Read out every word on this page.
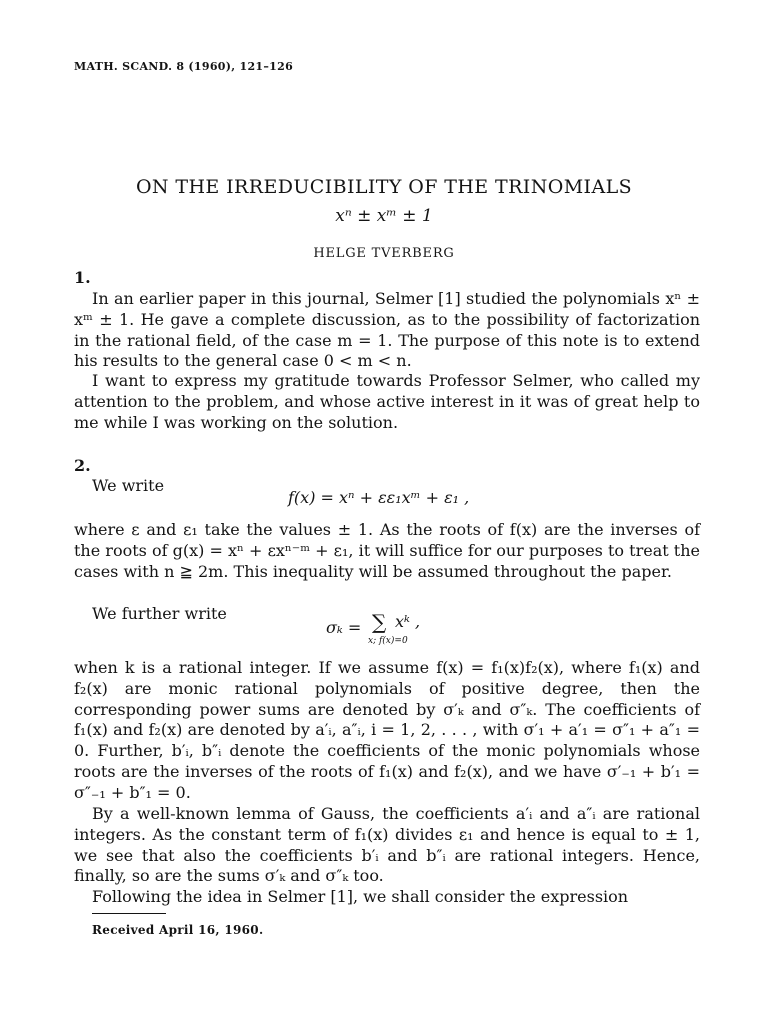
MATH. SCAND. 8 (1960), 121–126
ON THE IRREDUCIBILITY OF THE TRINOMIALS
xⁿ ± xᵐ ± 1
HELGE TVERBERG
1.
In an earlier paper in this journal, Selmer [1] studied the polynomials xⁿ ± xᵐ ± 1. He gave a complete discussion, as to the possibility of factorization in the rational field, of the case m = 1. The purpose of this note is to extend his results to the general case 0 < m < n.
I want to express my gratitude towards Professor Selmer, who called my attention to the problem, and whose active interest in it was of great help to me while I was working on the solution.
2.
We write
f(x) = xⁿ + εε₁xᵐ + ε₁ ,
where ε and ε₁ take the values ± 1. As the roots of f(x) are the inverses of the roots of g(x) = xⁿ + εxⁿ⁻ᵐ + ε₁, it will suffice for our purposes to treat the cases with n ≧ 2m. This inequality will be assumed throughout the paper.
We further write
σₖ = ∑ xᵏ ,
x; f(x)=0
when k is a rational integer. If we assume f(x) = f₁(x)f₂(x), where f₁(x) and f₂(x) are monic rational polynomials of positive degree, then the corresponding power sums are denoted by σ′ₖ and σ″ₖ. The coefficients of f₁(x) and f₂(x) are denoted by a′ᵢ, a″ᵢ, i = 1, 2, . . . , with σ′₁ + a′₁ = σ″₁ + a″₁ = 0. Further, b′ᵢ, b″ᵢ denote the coefficients of the monic polynomials whose roots are the inverses of the roots of f₁(x) and f₂(x), and we have σ′₋₁ + b′₁ = σ″₋₁ + b″₁ = 0.
By a well-known lemma of Gauss, the coefficients a′ᵢ and a″ᵢ are rational integers. As the constant term of f₁(x) divides ε₁ and hence is equal to ± 1, we see that also the coefficients b′ᵢ and b″ᵢ are rational integers. Hence, finally, so are the sums σ′ₖ and σ″ₖ too.
Following the idea in Selmer [1], we shall consider the expression
Received April 16, 1960.
